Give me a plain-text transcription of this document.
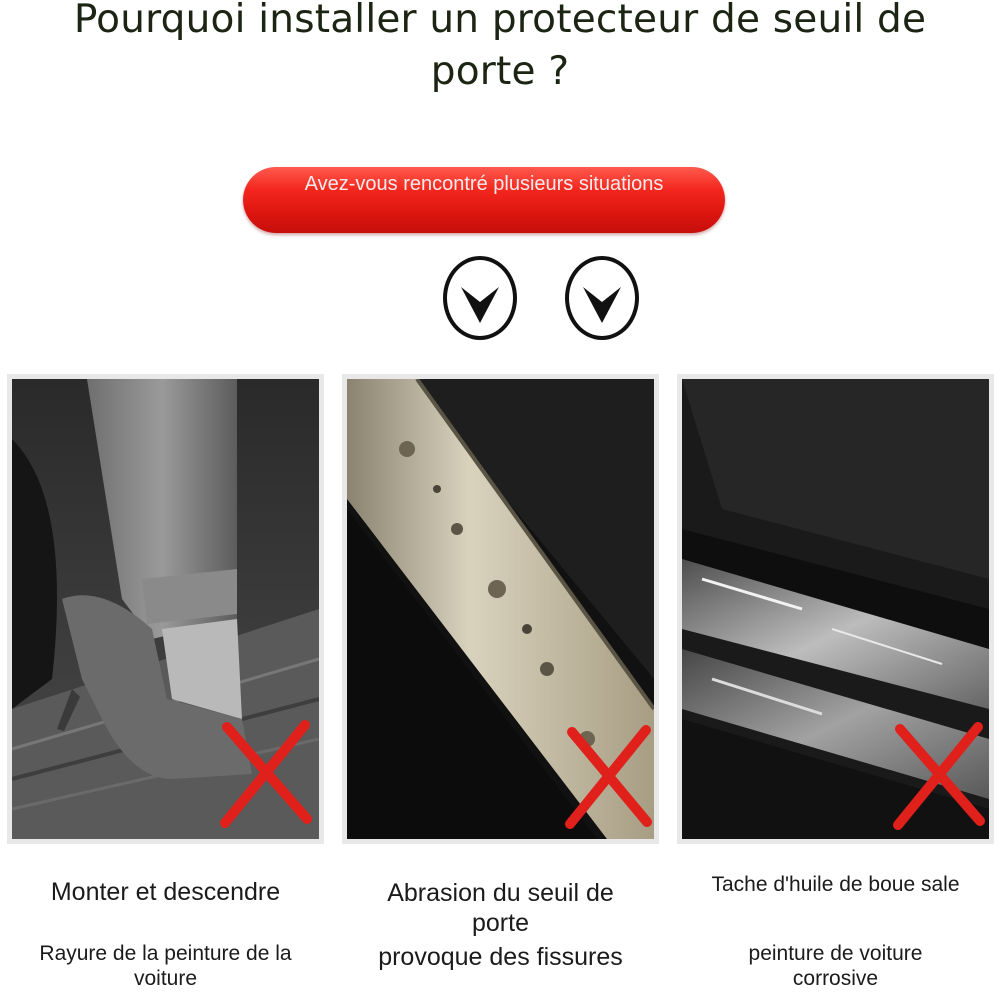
Pourquoi installer un protecteur de seuil de
porte ?
Avez-vous rencontré plusieurs situations
Monter et descendre
Rayure de la peinture de la
voiture
Abrasion du seuil de
porte
provoque des fissures
Tache d'huile de boue sale
peinture de voiture
corrosive
